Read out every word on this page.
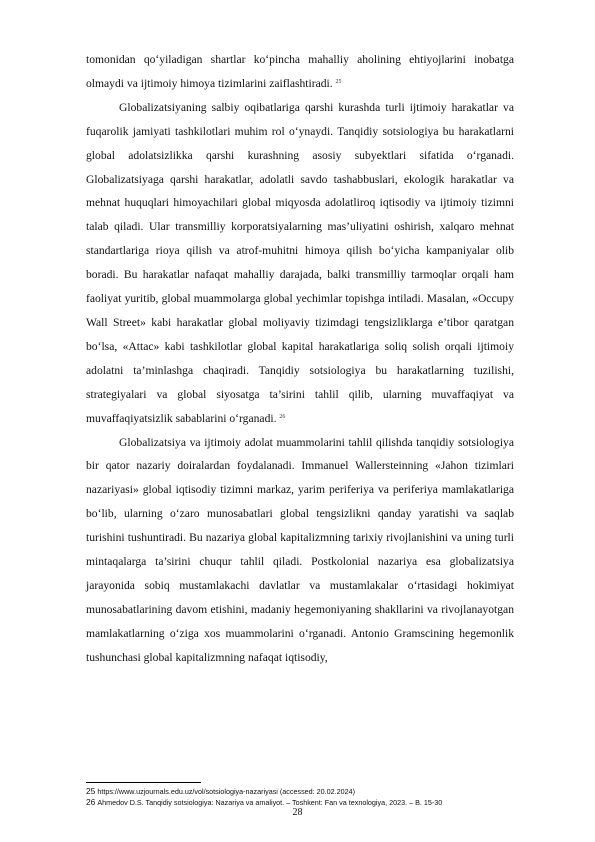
tomonidan qo‘yiladigan shartlar ko‘pincha mahalliy aholining ehtiyojlarini inobatga olmaydi va ijtimoiy himoya tizimlarini zaiflashtiradi. $^{25}$

Globalizatsiyaning salbiy oqibatlariga qarshi kurashda turli ijtimoiy harakatlar va fuqarolik jamiyati tashkilotlari muhim rol o‘ynaydi. Tanqidiy sotsiologiya bu harakatlarni global adolatsizlikka qarshi kurashning asosiy subyektlari sifatida o‘rganadi. Globalizatsiyaga qarshi harakatlar, adolatli savdo tashabbuslari, ekologik harakatlar va mehnat huquqlari himoyachilari global miqyosda adolatliroq iqtisodiy va ijtimoiy tizimni talab qiladi. Ular transmilliy korporatsiyalarning mas’uliyatini oshirish, xalqaro mehnat standartlariga rioya qilish va atrof-muhitni himoya qilish bo‘yicha kampaniyalar olib boradi. Bu harakatlar nafaqat mahalliy darajada, balki transmilliy tarmoqlar orqali ham faoliyat yuritib, global muammolarga global yechimlar topishga intiladi. Masalan, «Occupy Wall Street» kabi harakatlar global moliyaviy tizimdagi tengsizliklarga e’tibor qaratgan bo‘lsa, «Attac» kabi tashkilotlar global kapital harakatlariga soliq solish orqali ijtimoiy adolatni ta’minlashga chaqiradi. Tanqidiy sotsiologiya bu harakatlarning tuzilishi, strategiyalari va global siyosatga ta’sirini tahlil qilib, ularning muvaffaqiyat va muvaffaqiyatsizlik sabablarini o‘rganadi. $^{26}$

Globalizatsiya va ijtimoiy adolat muammolarini tahlil qilishda tanqidiy sotsiologiya bir qator nazariy doiralardan foydalanadi. Immanuel Wallersteinning «Jahon tizimlari nazariyasi» global iqtisodiy tizimni markaz, yarim periferiya va periferiya mamlakatlariga bo‘lib, ularning o‘zaro munosabatlari global tengsizlikni qanday yaratishi va saqlab turishini tushuntiradi. Bu nazariya global kapitalizmning tarixiy rivojlanishini va uning turli mintaqalarga ta’sirini chuqur tahlil qiladi. Postkolonial nazariya esa globalizatsiya jarayonida sobiq mustamlakachi davlatlar va mustamlakalar o‘rtasidagi hokimiyat munosabatlarining davom etishini, madaniy hegemoniyaning shakllarini va rivojlanayotgan mamlakatlarning o‘ziga xos muammolarini o‘rganadi. Antonio Gramscining hegemonlik tushunchasi global kapitalizmning nafaqat iqtisodiy,

25 https://www.uzjournals.edu.uz/vol/sotsiologiya-nazariyasi (accessed: 20.02.2024)
26 Ahmedov D.S. Tanqidiy sotsiologiya: Nazariya va amaliyot. – Toshkent: Fan va texnologiya, 2023. – B. 15-30
28
